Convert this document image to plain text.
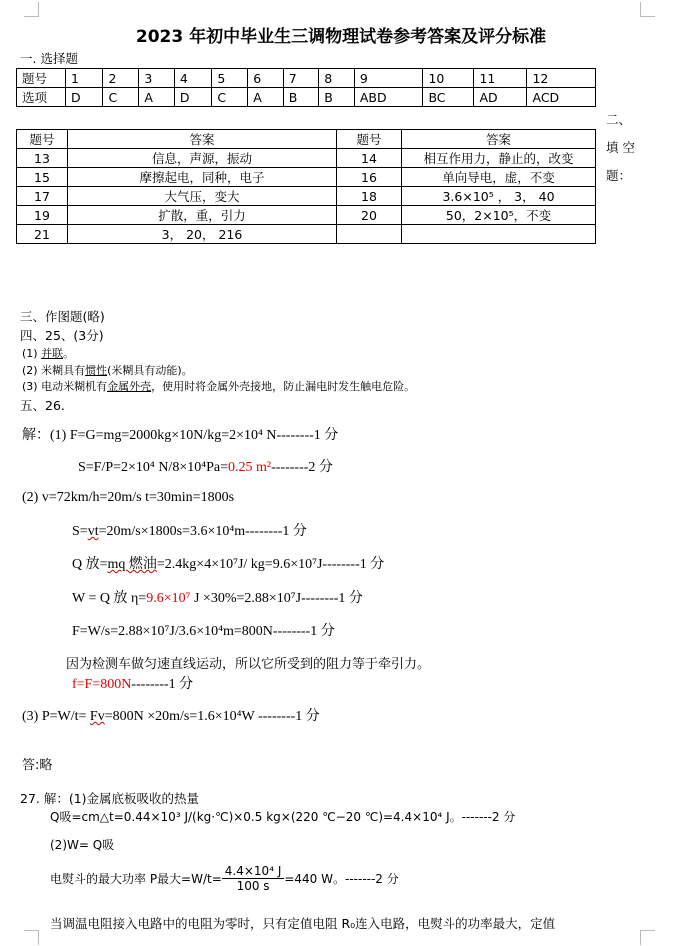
2023 年初中毕业生三调物理试卷参考答案及评分标准
一. 选择题
题号	1	2	3	4	5	6	7	8	9	10	11	12
选项	D	C	A	D	C	A	B	B	ABD	BC	AD	ACD
二、
填 空
题：
题号	答案	题号	答案
13	信息，声源，振动	14	相互作用力，静止的，改变
15	摩擦起电，同种，电子	16	单向导电，虚，不变
17	大气压，变大	18	3.6×10⁵ ， 3， 40
19	扩散，重，引力	20	50，2×10⁵，不变
21	3， 20， 216		
三、作图题(略)
四、25、(3分)
(1) 并联。
(2) 米糊具有惯性(米糊具有动能)。
(3) 电动米糊机有金属外壳，使用时将金属外壳接地，防止漏电时发生触电危险。
五、26.
解：(1) F=G=mg=2000kg×10N/kg=2×10⁴ N--------1 分
S=F/P=2×10⁴ N/8×10⁴Pa=0.25 m²--------2 分
(2) v=72km/h=20m/s t=30min=1800s
S=vt=20m/s×1800s=3.6×10⁴m--------1 分
Q 放=mq 燃油=2.4kg×4×10⁷J/ kg=9.6×10⁷J--------1 分
W = Q 放 η=9.6×10⁷ J ×30%=2.88×10⁷J--------1 分
F=W/s=2.88×10⁷J/3.6×10⁴m=800N--------1 分
因为检测车做匀速直线运动，所以它所受到的阻力等于牵引力。
f=F=800N--------1 分
(3) P=W/t= Fv=800N ×20m/s=1.6×10⁴W --------1 分
答:略
27. 解：(1)金属底板吸收的热量
Q吸=cm△t=0.44×10³ J/(kg·℃)×0.5 kg×(220 ℃−20 ℃)=4.4×10⁴ J。-------2 分
(2)W= Q吸
电熨斗的最大功率 P最大$=W/t= \frac{\text{4.4×10⁴ J}}{100 s} =440$ W。-------2 分
当调温电阻接入电路中的电阻为零时，只有定值电阻 R₀连入电路，电熨斗的功率最大，定值
